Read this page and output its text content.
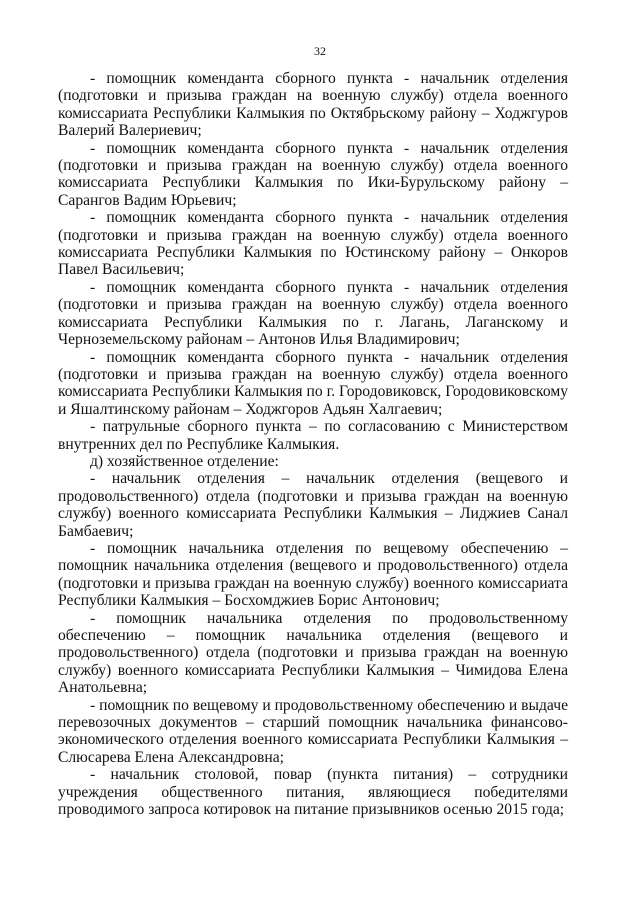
32

- помощник коменданта сборного пункта - начальник отделения (подготовки и призыва граждан на военную службу) отдела военного комиссариата Республики Калмыкия по Октябрьскому району – Ходжгуров Валерий Валериевич;

- помощник коменданта сборного пункта - начальник отделения (подготовки и призыва граждан на военную службу) отдела военного комиссариата Республики Калмыкия по Ики-Бурульскому району – Сарангов Вадим Юрьевич;

- помощник коменданта сборного пункта - начальник отделения (подготовки и призыва граждан на военную службу) отдела военного комиссариата Республики Калмыкия по Юстинскому району – Онкоров Павел Васильевич;

- помощник коменданта сборного пункта - начальник отделения (подготовки и призыва граждан на военную службу) отдела военного комиссариата Республики Калмыкия по г. Лагань, Лаганскому и Черноземельскому районам – Антонов Илья Владимирович;

- помощник коменданта сборного пункта - начальник отделения (подготовки и призыва граждан на военную службу) отдела военного комиссариата Республики Калмыкия по г. Городовиковск, Городовиковскому и Яшалтинскому районам – Ходжгоров Адьян Халгаевич;

- патрульные сборного пункта – по согласованию с Министерством внутренних дел по Республике Калмыкия.

д) хозяйственное отделение:

- начальник отделения – начальник отделения (вещевого и продовольственного) отдела (подготовки и призыва граждан на военную службу) военного комиссариата Республики Калмыкия – Лиджиев Санал Бамбаевич;

- помощник начальника отделения по вещевому обеспечению – помощник начальника отделения (вещевого и продовольственного) отдела (подготовки и призыва граждан на военную службу) военного комиссариата Республики Калмыкия – Босхомджиев Борис Антонович;

- помощник начальника отделения по продовольственному обеспечению – помощник начальника отделения (вещевого и продовольственного) отдела (подготовки и призыва граждан на военную службу) военного комиссариата Республики Калмыкия – Чимидова Елена Анатольевна;

- помощник по вещевому и продовольственному обеспечению и выдаче перевозочных документов – старший помощник начальника финансово-экономического отделения военного комиссариата Республики Калмыкия – Слюсарева Елена Александровна;

- начальник столовой, повар (пункта питания) – сотрудники учреждения общественного питания, являющиеся победителями проводимого запроса котировок на питание призывников осенью 2015 года;
